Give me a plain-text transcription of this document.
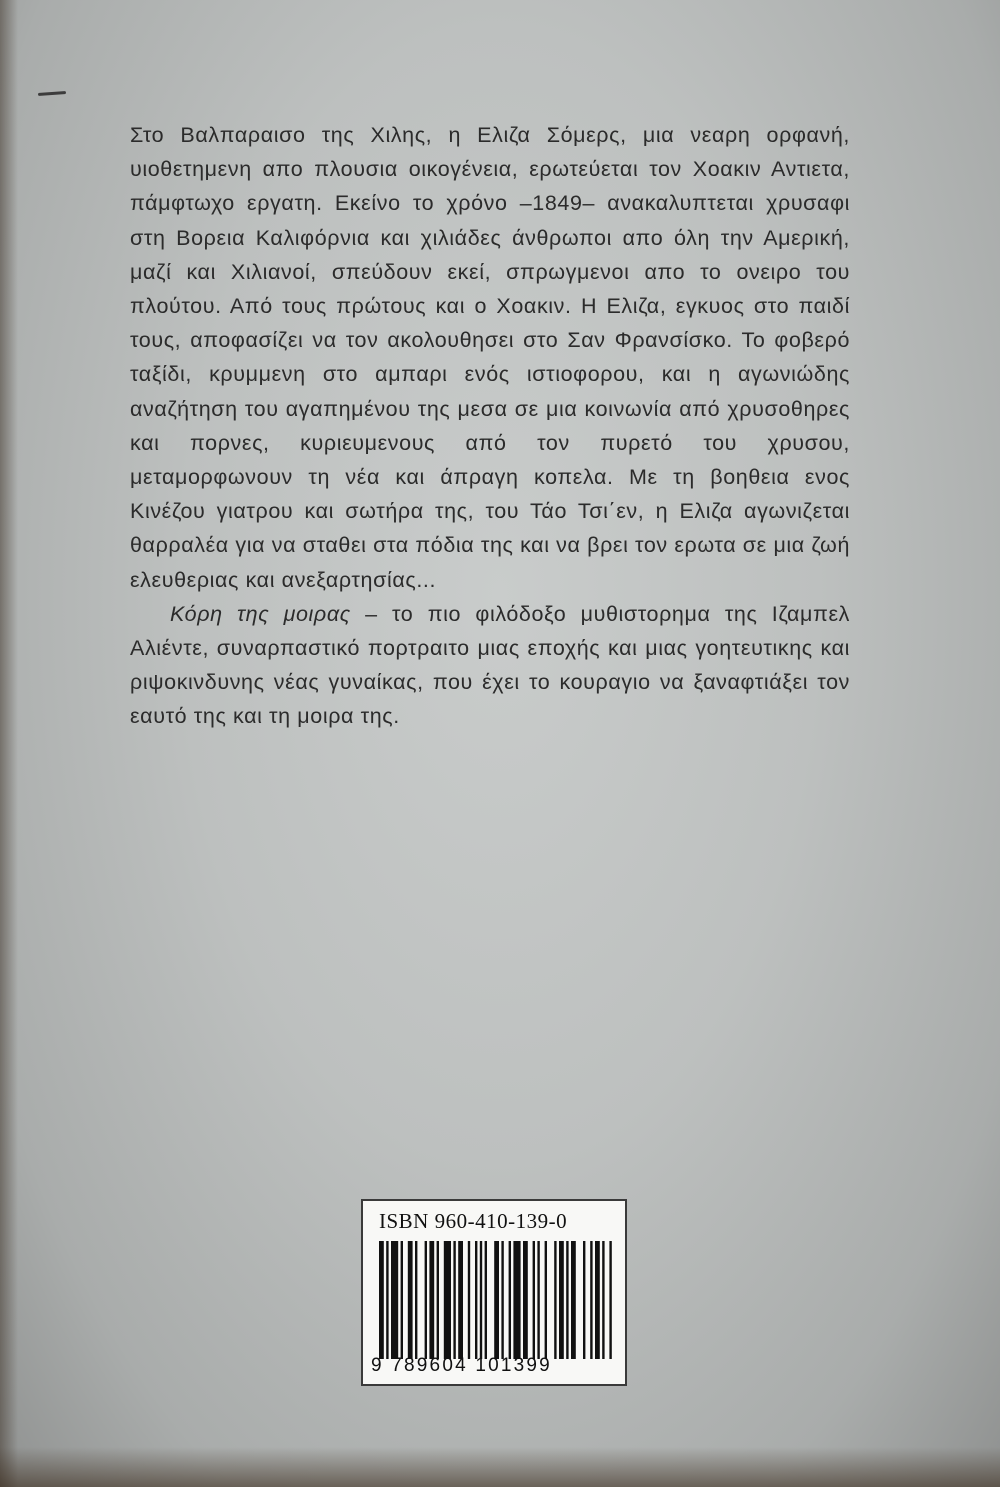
Στο Βαλπαραισο της Χιλης, η Ελιζα Σόμερς, μια νεαρη ορφανή, υιοθετημενη απο πλουσια οικογένεια, ερωτεύεται τον Χοακιν Αντιετα, πάμφτωχο εργατη. Εκείνο το χρόνο –1849– ανακαλυπτεται χρυσαφι στη Βορεια Καλιφόρνια και χιλιάδες άνθρωποι απο όλη την Αμερική, μαζί και Χιλιανοί, σπεύδουν εκεί, σπρωγμενοι απο το ονειρο του πλούτου. Από τους πρώτους και ο Χοακιν. Η Ελιζα, εγκυος στο παιδί τους, αποφασίζει να τον ακολουθησει στο Σαν Φρανσίσκο. Το φοβερό ταξίδι, κρυμμενη στο αμπαρι ενός ιστιοφορου, και η αγωνιώδης αναζήτηση του αγαπημένου της μεσα σε μια κοινωνία από χρυσοθηρες και πορνες, κυριευμενους από τον πυρετό του χρυσου, μεταμορφωνουν τη νέα και άπραγη κοπελα. Με τη βοηθεια ενος Κινέζου γιατρου και σωτήρα της, του Τάο Τσι΄εν, η Ελιζα αγωνιζεται θαρραλέα για να σταθει στα πόδια της και να βρει τον ερωτα σε μια ζωή ελευθεριας και ανεξαρτησίας...

Κόρη της μοιρας – το πιο φιλόδοξο μυθιστορημα της Ιζαμπελ Αλιέντε, συναρπαστικό πορτραιτο μιας εποχής και μιας γοητευτικης και ριψοκινδυνης νέας γυναίκας, που έχει το κουραγιο να ξαναφτιάξει τον εαυτό της και τη μοιρα της.

ISBN 960-410-139-0
9 789604 101399
